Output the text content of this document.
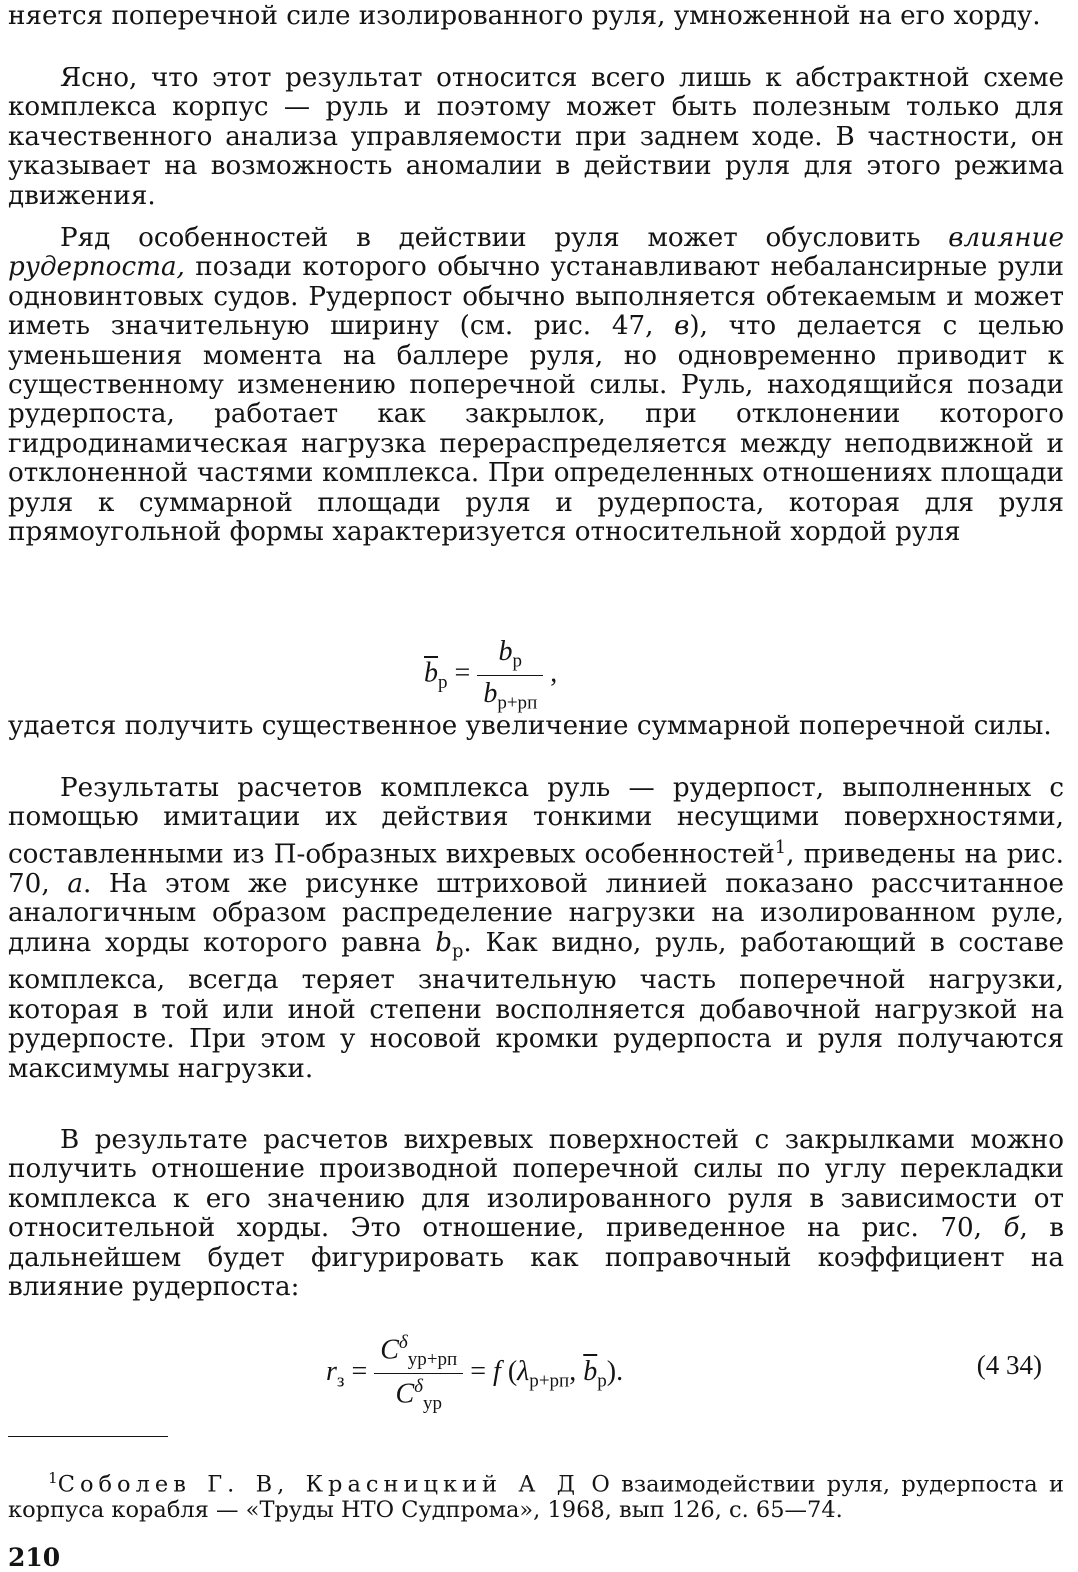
няется поперечной силе изолированного руля, умноженной на его хорду.

Ясно, что этот результат относится всего лишь к абстрактной схеме комплекса корпус — руль и поэтому может быть полезным только для качественного анализа управляемости при заднем ходе. В частности, он указывает на возможность аномалии в действии руля для этого режима движения.

Ряд особенностей в действии руля может обусловить влияние рудерпоста, позади которого обычно устанавливают небалансирные рули одновинтовых судов. Рудерпост обычно выполняется обтекаемым и может иметь значительную ширину (см. рис. 47, в), что делается с целью уменьшения момента на баллере руля, но одновременно приводит к существенному изменению поперечной силы. Руль, находящийся позади рудерпоста, работает как закрылок, при отклонении которого гидродинамическая нагрузка перераспределяется между неподвижной и отклоненной частями комплекса. При определенных отношениях площади руля к суммарной площади руля и рудерпоста, которая для руля прямоугольной формы характеризуется относительной хордой руля

$\overline{b}_р = \frac{b_р}{b_{р+рп}}$ ,

удается получить существенное увеличение суммарной поперечной силы.

Результаты расчетов комплекса руль — рудерпост, выполненных с помощью имитации их действия тонкими несущими поверхностями, составленными из П-образных вихревых особенностей$^1$, приведены на рис. 70, а. На этом же рисунке штриховой линией показано рассчитанное аналогичным образом распределение нагрузки на изолированном руле, длина хорды которого равна $b_р$. Как видно, руль, работающий в составе комплекса, всегда теряет значительную часть поперечной нагрузки, которая в той или иной степени восполняется добавочной нагрузкой на рудерпосте. При этом у носовой кромки рудерпоста и руля получаются максимумы нагрузки.

В результате расчетов вихревых поверхностей с закрылками можно получить отношение производной поперечной силы по углу перекладки комплекса к его значению для изолированного руля в зависимости от относительной хорды. Это отношение, приведенное на рис. 70, б, в дальнейшем будет фигурировать как поправочный коэффициент на влияние рудерпоста:

$r_з = \frac{C^\delta_{yр+рп}}{C^\delta_{yр}} = f$ ($\lambda_{р+рп}$, $\overline{b}_р$).	(4 34)

$^1$Соболев Г. В, Красницкий А Д О взаимодействии руля, рудерпоста и корпуса корабля — «Труды НТО Судпрома», 1968, вып 126, с. 65—74.

210
